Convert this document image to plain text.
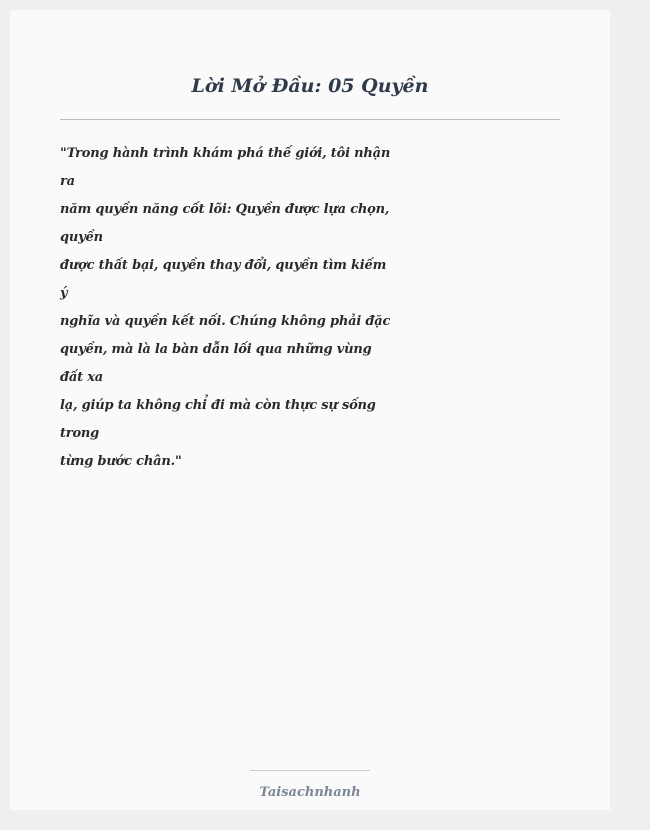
Lời Mở Đầu: 05 Quyền
"Trong hành trình khám phá thế giới, tôi nhận
ra
năm quyền năng cốt lõi: Quyền được lựa chọn,
quyền
được thất bại, quyền thay đổi, quyền tìm kiếm
ý
nghĩa và quyền kết nối. Chúng không phải đặc
quyền, mà là la bàn dẫn lối qua những vùng
đất xa
lạ, giúp ta không chỉ đi mà còn thực sự sống
trong
từng bước chân."
Taisachnhanh
